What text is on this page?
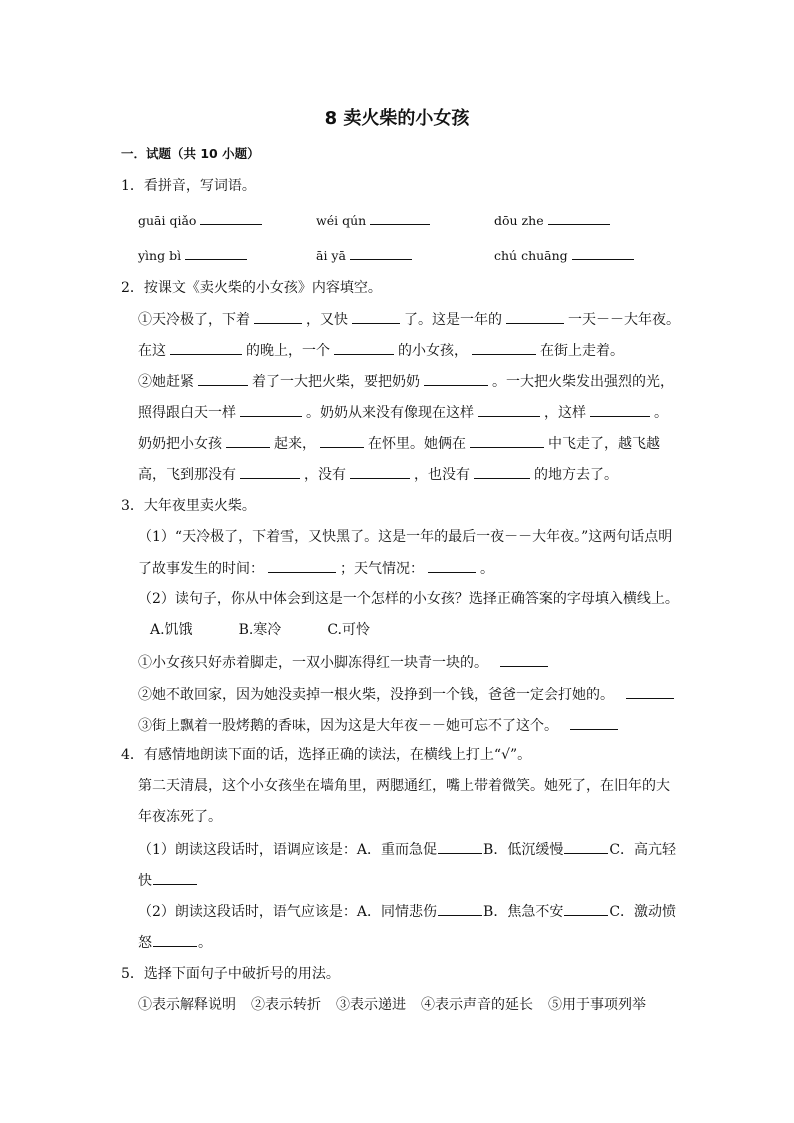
8 卖火柴的小女孩
一．试题（共 10 小题）
1．看拼音，写词语。
guāi qiǎo	wéi qún	dōu zhe
yìng bì	āi yā	chú chuāng
2．按课文《卖火柴的小女孩》内容填空。
①天冷极了，下着	，又快	了。这是一年的	一天－－大年夜。
在这	的晚上，一个	的小女孩，	在街上走着。
②她赶紧	着了一大把火柴，要把奶奶	。一大把火柴发出强烈的光，
照得跟白天一样	。奶奶从来没有像现在这样	，这样	。
奶奶把小女孩	起来，	在怀里。她俩在	中飞走了，越飞越
高，飞到那没有	，没有	，也没有	的地方去了。
3．大年夜里卖火柴。
（1）“天冷极了，下着雪，又快黑了。这是一年的最后一夜－－大年夜。”这两句话点明
了故事发生的时间：	；天气情况：	。
（2）读句子，你从中体会到这是一个怎样的小女孩？选择正确答案的字母填入横线上。
A.饥饿	B.寒冷	C.可怜
①小女孩只好赤着脚走，一双小脚冻得红一块青一块的。
②她不敢回家，因为她没卖掉一根火柴，没挣到一个钱，爸爸一定会打她的。
③街上飘着一股烤鹅的香味，因为这是大年夜－－她可忘不了这个。
4．有感情地朗读下面的话，选择正确的读法，在横线上打上“√”。
第二天清晨，这个小女孩坐在墙角里，两腮通红，嘴上带着微笑。她死了，在旧年的大
年夜冻死了。
（1）朗读这段话时，语调应该是：A．重而急促	B．低沉缓慢	C．高亢轻
快
（2）朗读这段话时，语气应该是：A．同情悲伤	B．焦急不安	C．激动愤
怒	。
5．选择下面句子中破折号的用法。
①表示解释说明 ②表示转折 ③表示递进 ④表示声音的延长 ⑤用于事项列举
